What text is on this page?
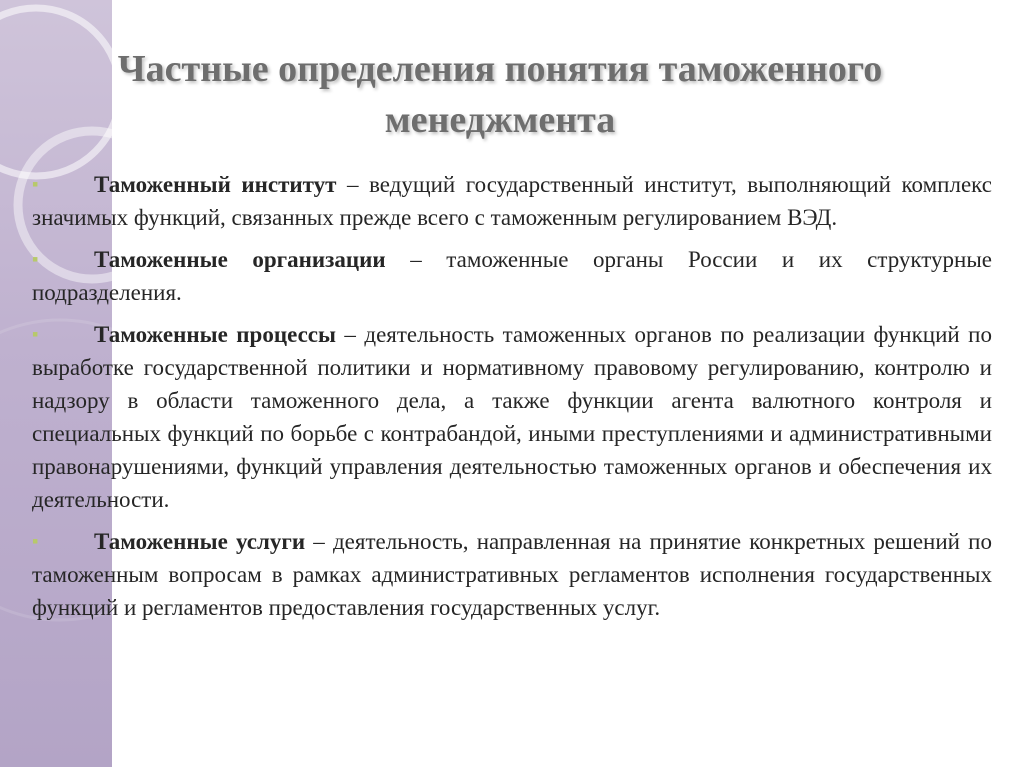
Частные определения понятия таможенного менеджмента
▪ Таможенный институт – ведущий государственный институт, выполняющий комплекс значимых функций, связанных прежде всего с таможенным регулированием ВЭД.
▪ Таможенные организации – таможенные органы России и их структурные подразделения.
▪ Таможенные процессы – деятельность таможенных органов по реализации функций по выработке государственной политики и нормативному правовому регулированию, контролю и надзору в области таможенного дела, а также функции агента валютного контроля и специальных функций по борьбе с контрабандой, иными преступлениями и административными правонарушениями, функций управления деятельностью таможенных органов и обеспечения их деятельности.
▪ Таможенные услуги – деятельность, направленная на принятие конкретных решений по таможенным вопросам в рамках административных регламентов исполнения государственных функций и регламентов предоставления государственных услуг.
